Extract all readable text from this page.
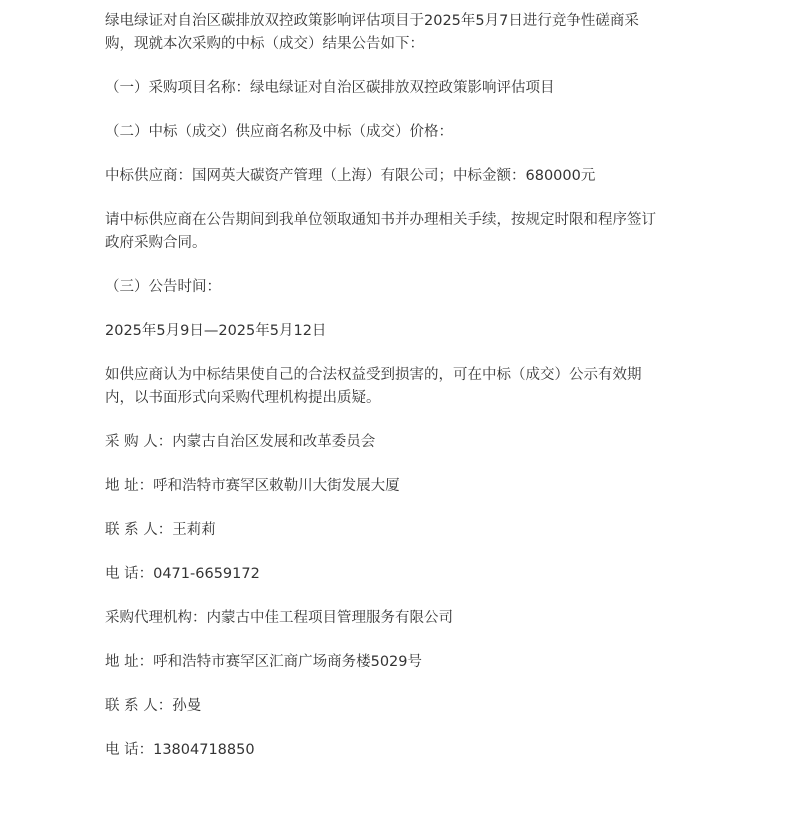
绿电绿证对自治区碳排放双控政策影响评估项目于2025年5月7日进行竞争性磋商采
购，现就本次采购的中标（成交）结果公告如下：

（一）采购项目名称：绿电绿证对自治区碳排放双控政策影响评估项目

（二）中标（成交）供应商名称及中标（成交）价格：

中标供应商：国网英大碳资产管理（上海）有限公司；中标金额：680000元

请中标供应商在公告期间到我单位领取通知书并办理相关手续，按规定时限和程序签订
政府采购合同。

（三）公告时间：

2025年5月9日—2025年5月12日

如供应商认为中标结果使自己的合法权益受到损害的，可在中标（成交）公示有效期
内，以书面形式向采购代理机构提出质疑。

采 购 人：内蒙古自治区发展和改革委员会

地 址：呼和浩特市赛罕区敕勒川大街发展大厦

联 系 人：王莉莉

电 话：0471-6659172

采购代理机构：内蒙古中佳工程项目管理服务有限公司

地 址：呼和浩特市赛罕区汇商广场商务楼5029号

联 系 人：孙曼

电 话：13804718850
